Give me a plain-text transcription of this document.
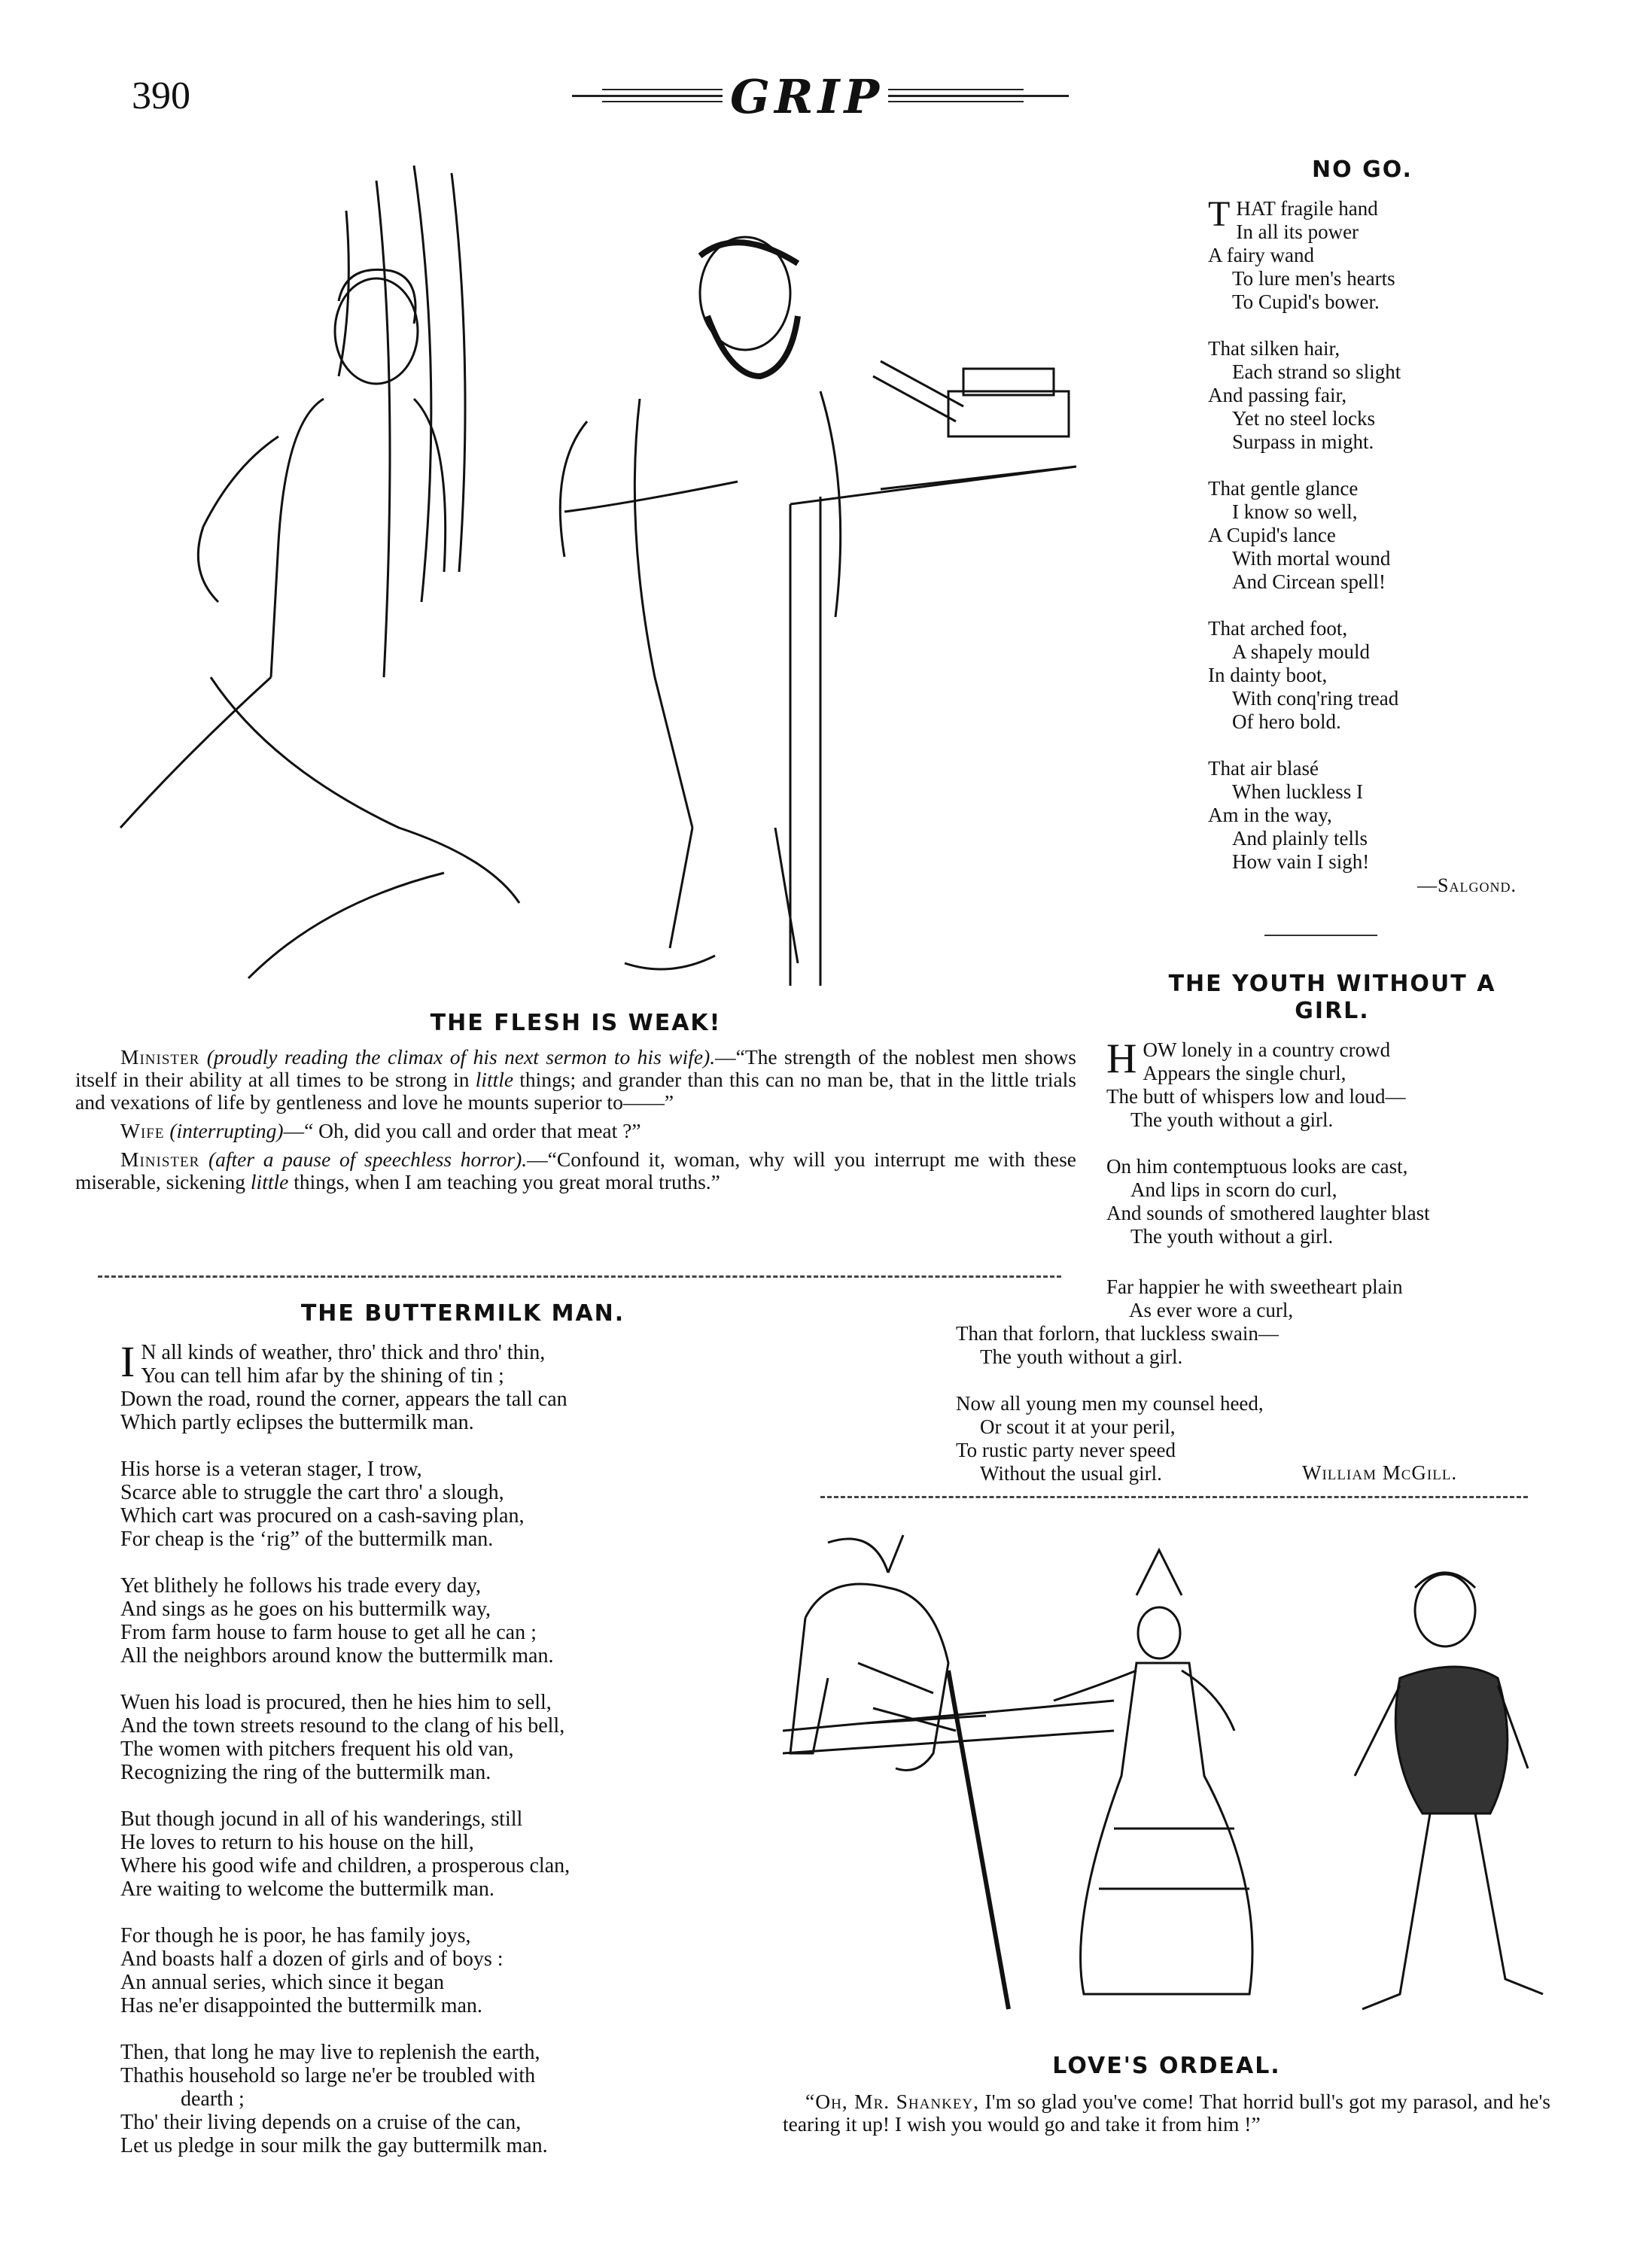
390	GRIP
THE FLESH IS WEAK!

Minister (proudly reading the climax of his next sermon to his wife).—“The strength of the noblest men shows itself in their ability at all times to be strong in little things; and grander than this can no man be, that in the little trials and vexations of life by gentleness and love he mounts superior to——”

Wife (interrupting)—“ Oh, did you call and order that meat ?”

Minister (after a pause of speechless horror).—“Confound it, woman, why will you interrupt me with these miserable, sickening little things, when I am teaching you great moral truths.”

NO GO.
T HAT fragile hand
In all its power
A fairy wand
To lure men's hearts
To Cupid's bower.
That silken hair,
Each strand so slight
And passing fair,
Yet no steel locks
Surpass in might.
That gentle glance
I know so well,
A Cupid's lance
With mortal wound
And Circean spell!
That arched foot,
A shapely mould
In dainty boot,
With conq'ring tread
Of hero bold.
That air blasé
When luckless I
Am in the way,
And plainly tells
How vain I sigh!
—Salgond.
THE YOUTH WITHOUT A
GIRL.
H OW lonely in a country crowd
Appears the single churl,
The butt of whispers low and loud—
The youth without a girl.
On him contemptuous looks are cast,
And lips in scorn do curl,
And sounds of smothered laughter blast
The youth without a girl.
Far happier he with sweetheart plain
As ever wore a curl,
Than that forlorn, that luckless swain—
The youth without a girl.
Now all young men my counsel heed,
Or scout it at your peril,
To rustic party never speed
Without the usual girl.	William McGill.
THE BUTTERMILK MAN.
I N all kinds of weather, thro' thick and thro' thin,
You can tell him afar by the shining of tin ;
Down the road, round the corner, appears the tall can
Which partly eclipses the buttermilk man.
His horse is a veteran stager, I trow,
Scarce able to struggle the cart thro' a slough,
Which cart was procured on a cash-saving plan,
For cheap is the ‘rig” of the buttermilk man.
Yet blithely he follows his trade every day,
And sings as he goes on his buttermilk way,
From farm house to farm house to get all he can ;
All the neighbors around know the buttermilk man.
Wuen his load is procured, then he hies him to sell,
And the town streets resound to the clang of his bell,
The women with pitchers frequent his old van,
Recognizing the ring of the buttermilk man.
But though jocund in all of his wanderings, still
He loves to return to his house on the hill,
Where his good wife and children, a prosperous clan,
Are waiting to welcome the buttermilk man.
For though he is poor, he has family joys,
And boasts half a dozen of girls and of boys :
An annual series, which since it began
Has ne'er disappointed the buttermilk man.
Then, that long he may live to replenish the earth,
Thathis household so large ne'er be troubled with
dearth ;
Tho' their living depends on a cruise of the can,
Let us pledge in sour milk the gay buttermilk man.
LOVE'S ORDEAL.

“Oh, Mr. Shankey, I'm so glad you've come! That horrid bull's got my parasol, and he's tearing it up! I wish you would go and take it from him !”
